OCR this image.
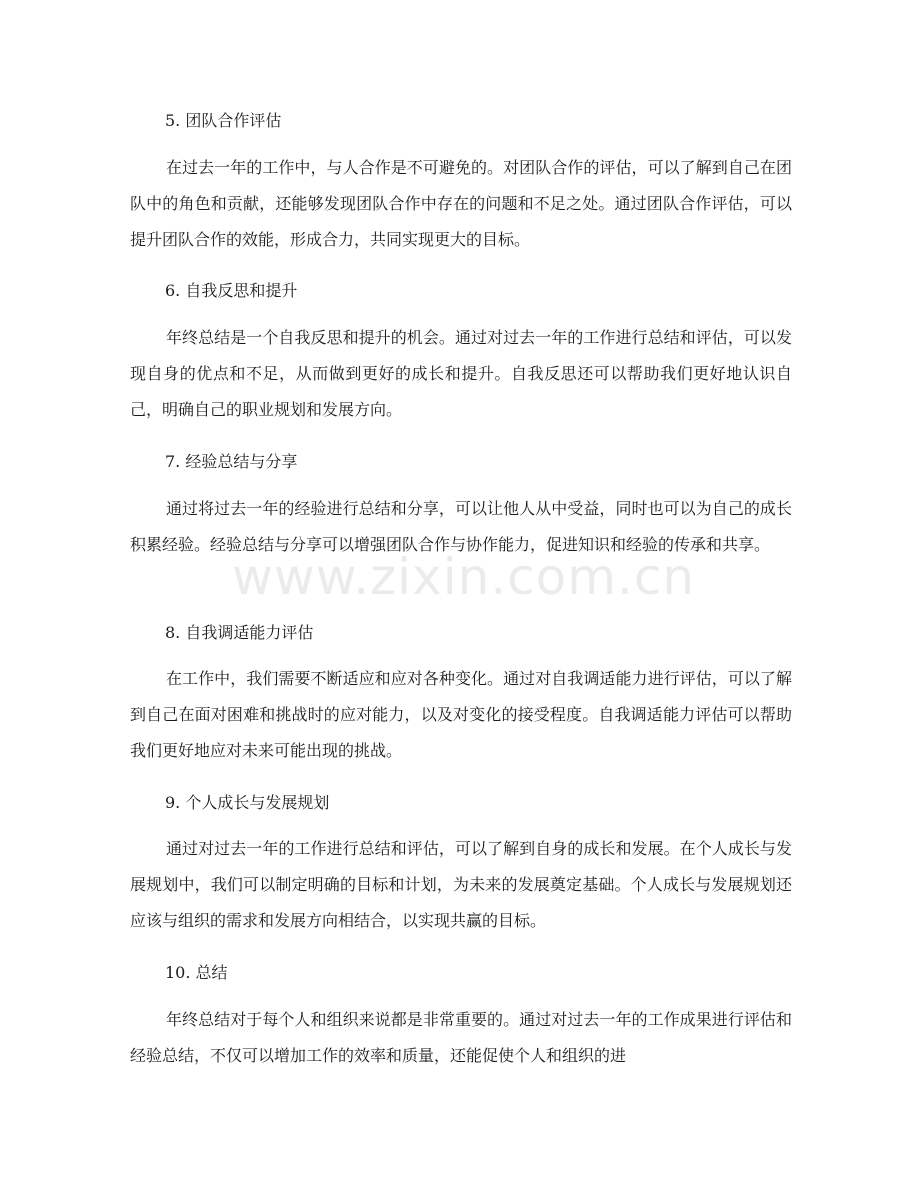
www.zixin.com.cn
5. 团队合作评估
在过去一年的工作中，与人合作是不可避免的。对团队合作的评估，可以了解到自己在团队中的角色和贡献，还能够发现团队合作中存在的问题和不足之处。通过团队合作评估，可以提升团队合作的效能，形成合力，共同实现更大的目标。
6. 自我反思和提升
年终总结是一个自我反思和提升的机会。通过对过去一年的工作进行总结和评估，可以发现自身的优点和不足，从而做到更好的成长和提升。自我反思还可以帮助我们更好地认识自己，明确自己的职业规划和发展方向。
7. 经验总结与分享
通过将过去一年的经验进行总结和分享，可以让他人从中受益，同时也可以为自己的成长积累经验。经验总结与分享可以增强团队合作与协作能力，促进知识和经验的传承和共享。
8. 自我调适能力评估
在工作中，我们需要不断适应和应对各种变化。通过对自我调适能力进行评估，可以了解到自己在面对困难和挑战时的应对能力，以及对变化的接受程度。自我调适能力评估可以帮助我们更好地应对未来可能出现的挑战。
9. 个人成长与发展规划
通过对过去一年的工作进行总结和评估，可以了解到自身的成长和发展。在个人成长与发展规划中，我们可以制定明确的目标和计划，为未来的发展奠定基础。个人成长与发展规划还应该与组织的需求和发展方向相结合，以实现共赢的目标。
10. 总结
年终总结对于每个人和组织来说都是非常重要的。通过对过去一年的工作成果进行评估和经验总结，不仅可以增加工作的效率和质量，还能促使个人和组织的进
